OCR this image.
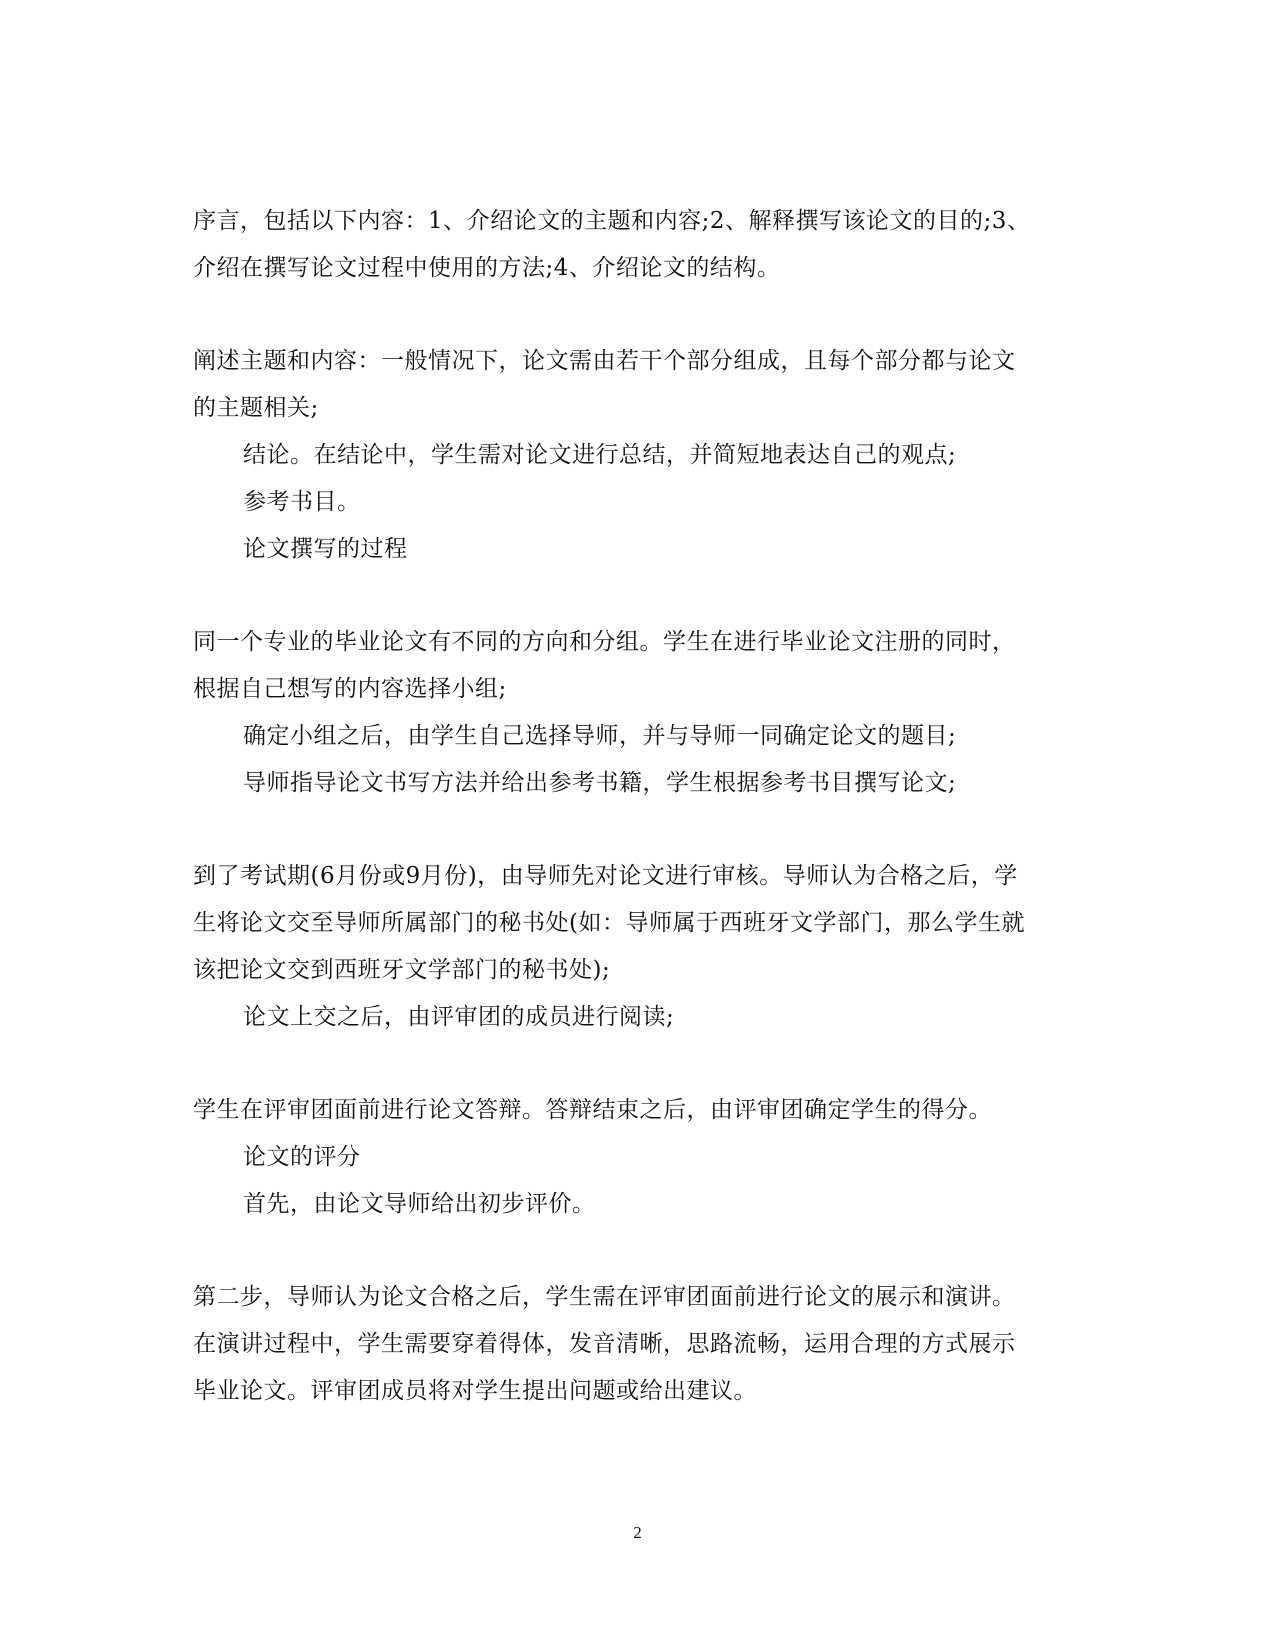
序言，包括以下内容：1、介绍论文的主题和内容;2、解释撰写该论文的目的;3、
介绍在撰写论文过程中使用的方法;4、介绍论文的结构。
阐述主题和内容：一般情况下，论文需由若干个部分组成，且每个部分都与论文
的主题相关;
结论。在结论中，学生需对论文进行总结，并简短地表达自己的观点;
参考书目。
论文撰写的过程
同一个专业的毕业论文有不同的方向和分组。学生在进行毕业论文注册的同时，
根据自己想写的内容选择小组;
确定小组之后，由学生自己选择导师，并与导师一同确定论文的题目;
导师指导论文书写方法并给出参考书籍，学生根据参考书目撰写论文;
到了考试期(6月份或9月份)，由导师先对论文进行审核。导师认为合格之后，学
生将论文交至导师所属部门的秘书处(如：导师属于西班牙文学部门，那么学生就
该把论文交到西班牙文学部门的秘书处);
论文上交之后，由评审团的成员进行阅读;
学生在评审团面前进行论文答辩。答辩结束之后，由评审团确定学生的得分。
论文的评分
首先，由论文导师给出初步评价。
第二步，导师认为论文合格之后，学生需在评审团面前进行论文的展示和演讲。
在演讲过程中，学生需要穿着得体，发音清晰，思路流畅，运用合理的方式展示
毕业论文。评审团成员将对学生提出问题或给出建议。
2
